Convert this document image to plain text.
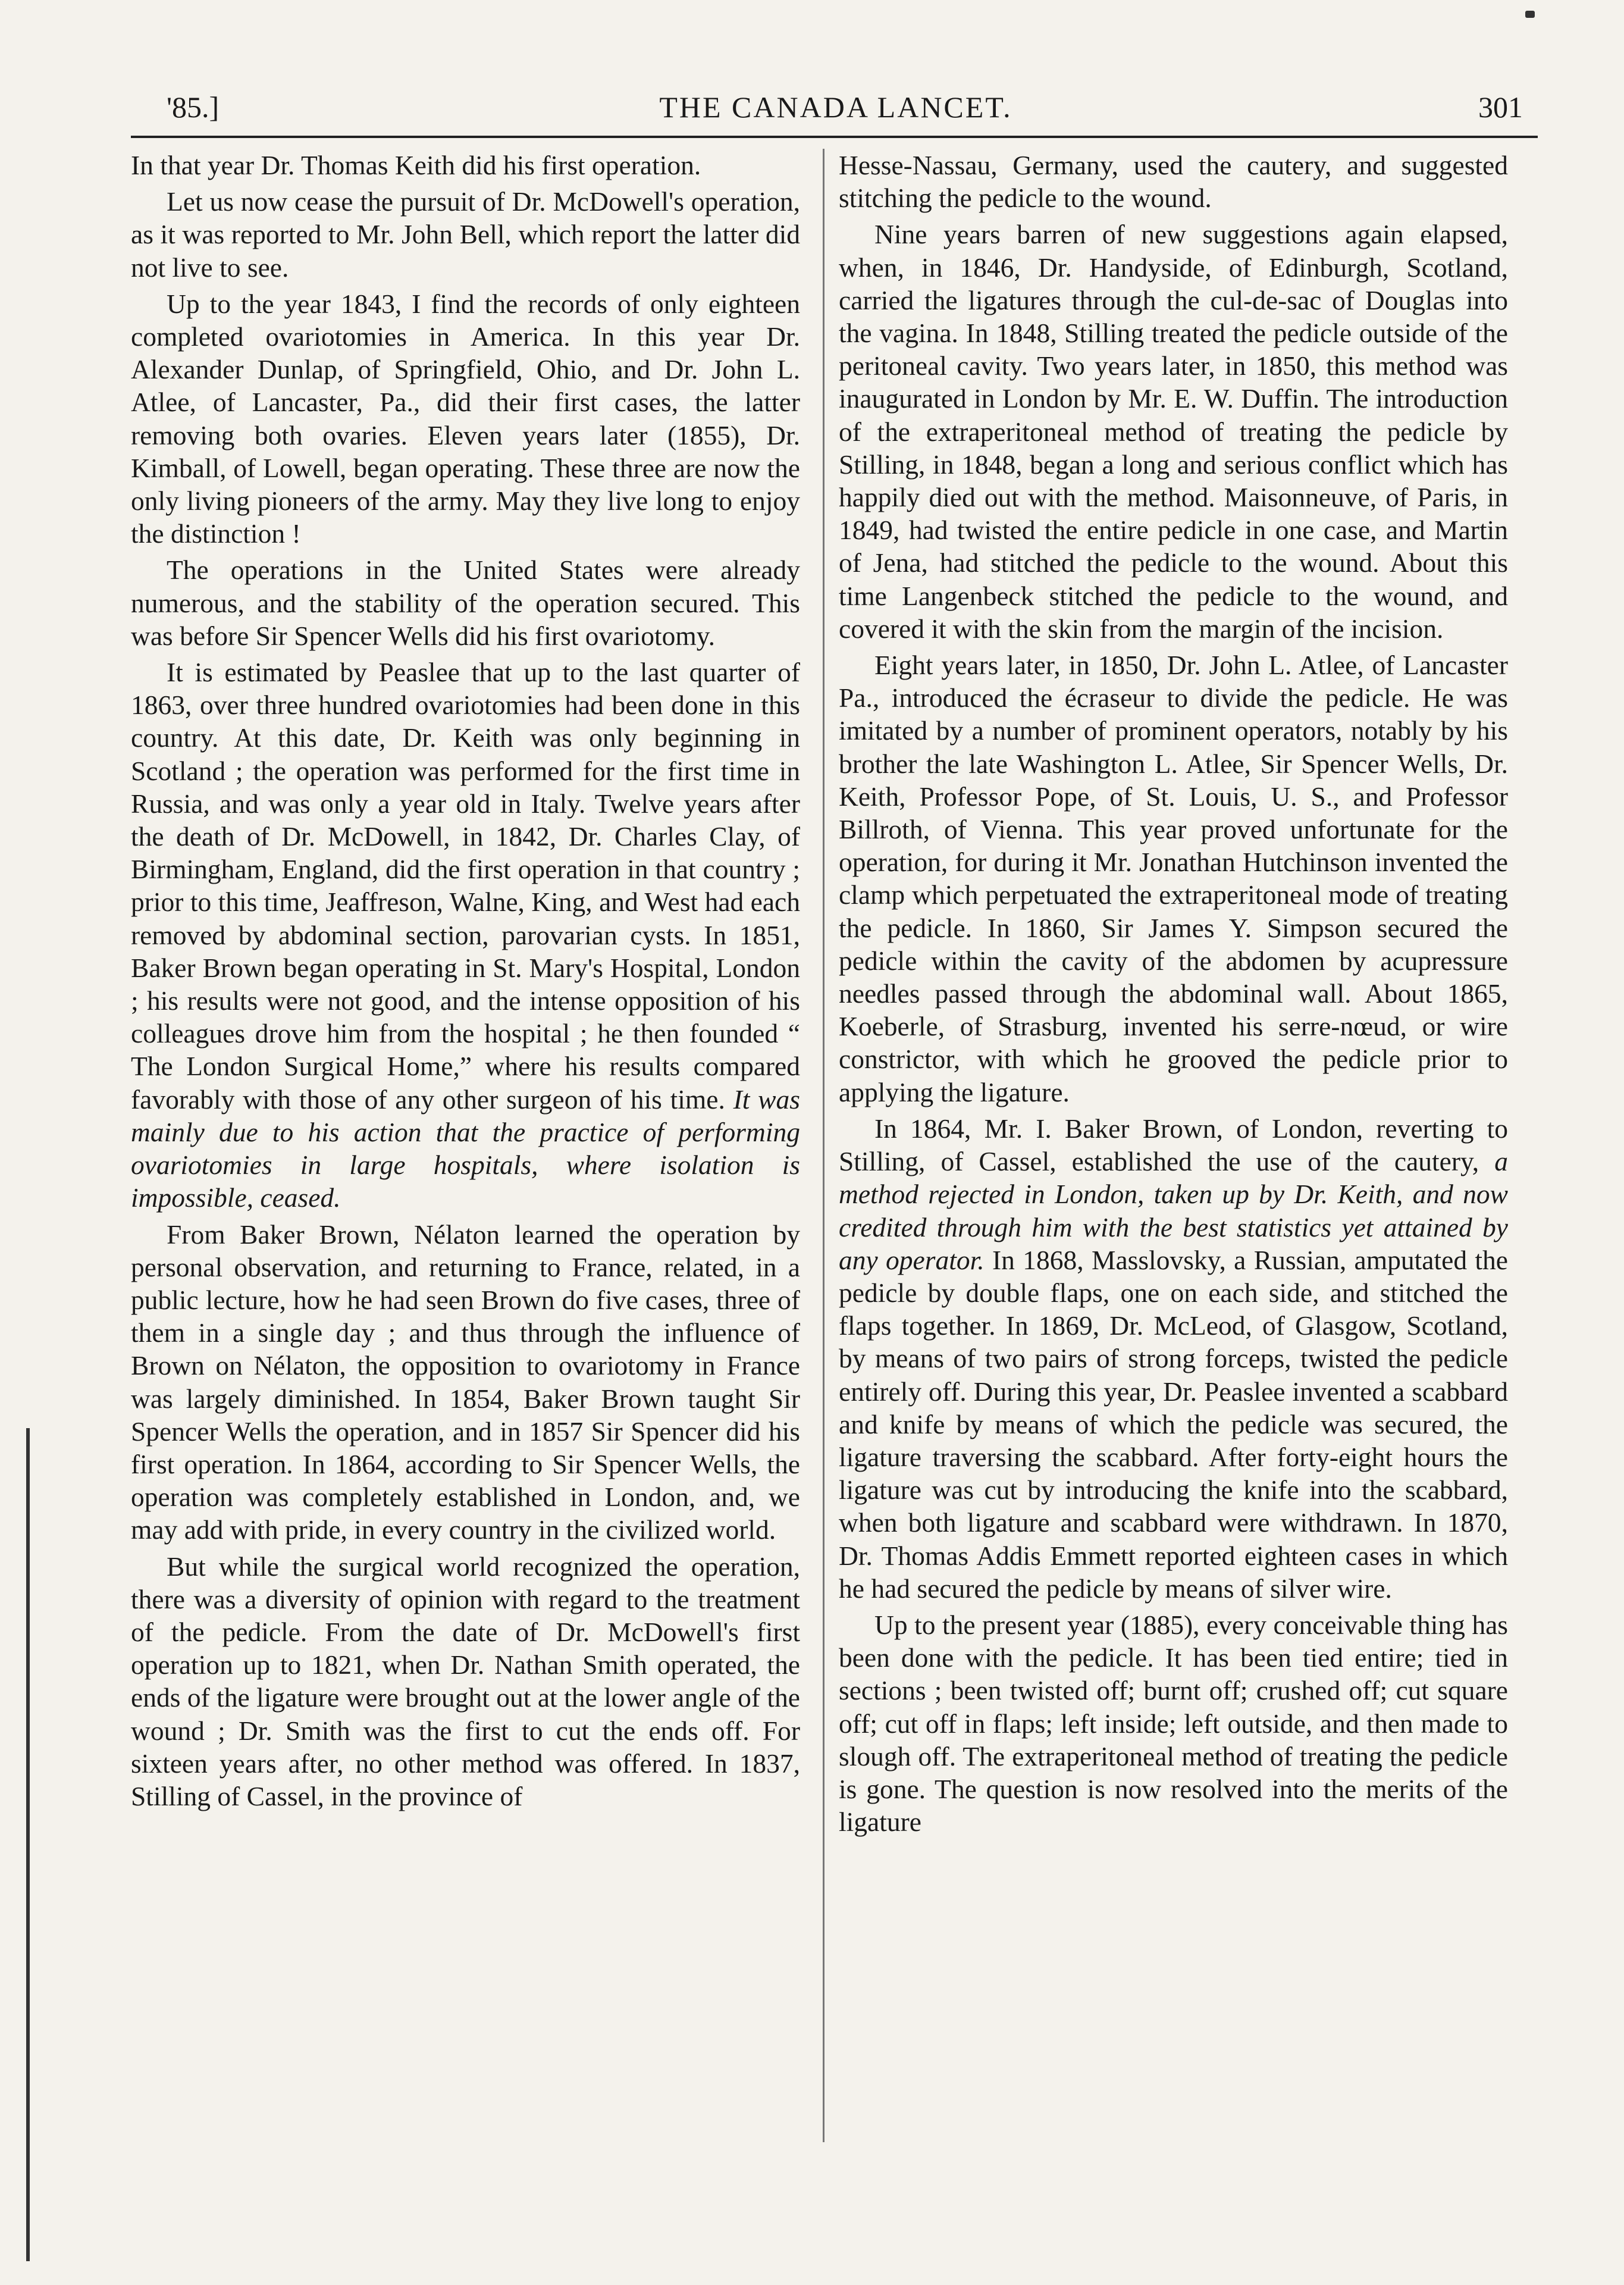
'85.]	THE CANADA LANCET.	301

In that year Dr. Thomas Keith did his first operation.

Let us now cease the pursuit of Dr. McDowell's operation, as it was reported to Mr. John Bell, which report the latter did not live to see.

Up to the year 1843, I find the records of only eighteen completed ovariotomies in America. In this year Dr. Alexander Dunlap, of Springfield, Ohio, and Dr. John L. Atlee, of Lancaster, Pa., did their first cases, the latter removing both ovaries. Eleven years later (1855), Dr. Kimball, of Lowell, began operating. These three are now the only living pioneers of the army. May they live long to enjoy the distinction !

The operations in the United States were already numerous, and the stability of the operation secured. This was before Sir Spencer Wells did his first ovariotomy.

It is estimated by Peaslee that up to the last quarter of 1863, over three hundred ovariotomies had been done in this country. At this date, Dr. Keith was only beginning in Scotland ; the operation was performed for the first time in Russia, and was only a year old in Italy. Twelve years after the death of Dr. McDowell, in 1842, Dr. Charles Clay, of Birmingham, England, did the first operation in that country ; prior to this time, Jeaffreson, Walne, King, and West had each removed by abdominal section, parovarian cysts. In 1851, Baker Brown began operating in St. Mary's Hospital, London ; his results were not good, and the intense opposition of his colleagues drove him from the hospital ; he then founded “ The London Surgical Home,” where his results compared favorably with those of any other surgeon of his time. It was mainly due to his action that the practice of performing ovariotomies in large hospitals, where isolation is impossible, ceased.

From Baker Brown, Nélaton learned the operation by personal observation, and returning to France, related, in a public lecture, how he had seen Brown do five cases, three of them in a single day ; and thus through the influence of Brown on Nélaton, the opposition to ovariotomy in France was largely diminished. In 1854, Baker Brown taught Sir Spencer Wells the operation, and in 1857 Sir Spencer did his first operation. In 1864, according to Sir Spencer Wells, the operation was completely established in London, and, we may add with pride, in every country in the civilized world.

But while the surgical world recognized the operation, there was a diversity of opinion with regard to the treatment of the pedicle. From the date of Dr. McDowell's first operation up to 1821, when Dr. Nathan Smith operated, the ends of the ligature were brought out at the lower angle of the wound ; Dr. Smith was the first to cut the ends off. For sixteen years after, no other method was offered. In 1837, Stilling of Cassel, in the province of

Hesse-Nassau, Germany, used the cautery, and suggested stitching the pedicle to the wound.

Nine years barren of new suggestions again elapsed, when, in 1846, Dr. Handyside, of Edinburgh, Scotland, carried the ligatures through the cul-de-sac of Douglas into the vagina. In 1848, Stilling treated the pedicle outside of the peritoneal cavity. Two years later, in 1850, this method was inaugurated in London by Mr. E. W. Duffin. The introduction of the extraperitoneal method of treating the pedicle by Stilling, in 1848, began a long and serious conflict which has happily died out with the method. Maisonneuve, of Paris, in 1849, had twisted the entire pedicle in one case, and Martin of Jena, had stitched the pedicle to the wound. About this time Langenbeck stitched the pedicle to the wound, and covered it with the skin from the margin of the incision.

Eight years later, in 1850, Dr. John L. Atlee, of Lancaster Pa., introduced the écraseur to divide the pedicle. He was imitated by a number of prominent operators, notably by his brother the late Washington L. Atlee, Sir Spencer Wells, Dr. Keith, Professor Pope, of St. Louis, U. S., and Professor Billroth, of Vienna. This year proved unfortunate for the operation, for during it Mr. Jonathan Hutchinson invented the clamp which perpetuated the extraperitoneal mode of treating the pedicle. In 1860, Sir James Y. Simpson secured the pedicle within the cavity of the abdomen by acupressure needles passed through the abdominal wall. About 1865, Koeberle, of Strasburg, invented his serre-nœud, or wire constrictor, with which he grooved the pedicle prior to applying the ligature.

In 1864, Mr. I. Baker Brown, of London, reverting to Stilling, of Cassel, established the use of the cautery, a method rejected in London, taken up by Dr. Keith, and now credited through him with the best statistics yet attained by any operator. In 1868, Masslovsky, a Russian, amputated the pedicle by double flaps, one on each side, and stitched the flaps together. In 1869, Dr. McLeod, of Glasgow, Scotland, by means of two pairs of strong forceps, twisted the pedicle entirely off. During this year, Dr. Peaslee invented a scabbard and knife by means of which the pedicle was secured, the ligature traversing the scabbard. After forty-eight hours the ligature was cut by introducing the knife into the scabbard, when both ligature and scabbard were withdrawn. In 1870, Dr. Thomas Addis Emmett reported eighteen cases in which he had secured the pedicle by means of silver wire.

Up to the present year (1885), every conceivable thing has been done with the pedicle. It has been tied entire; tied in sections ; been twisted off; burnt off; crushed off; cut square off; cut off in flaps; left inside; left outside, and then made to slough off. The extraperitoneal method of treating the pedicle is gone. The question is now resolved into the merits of the ligature
